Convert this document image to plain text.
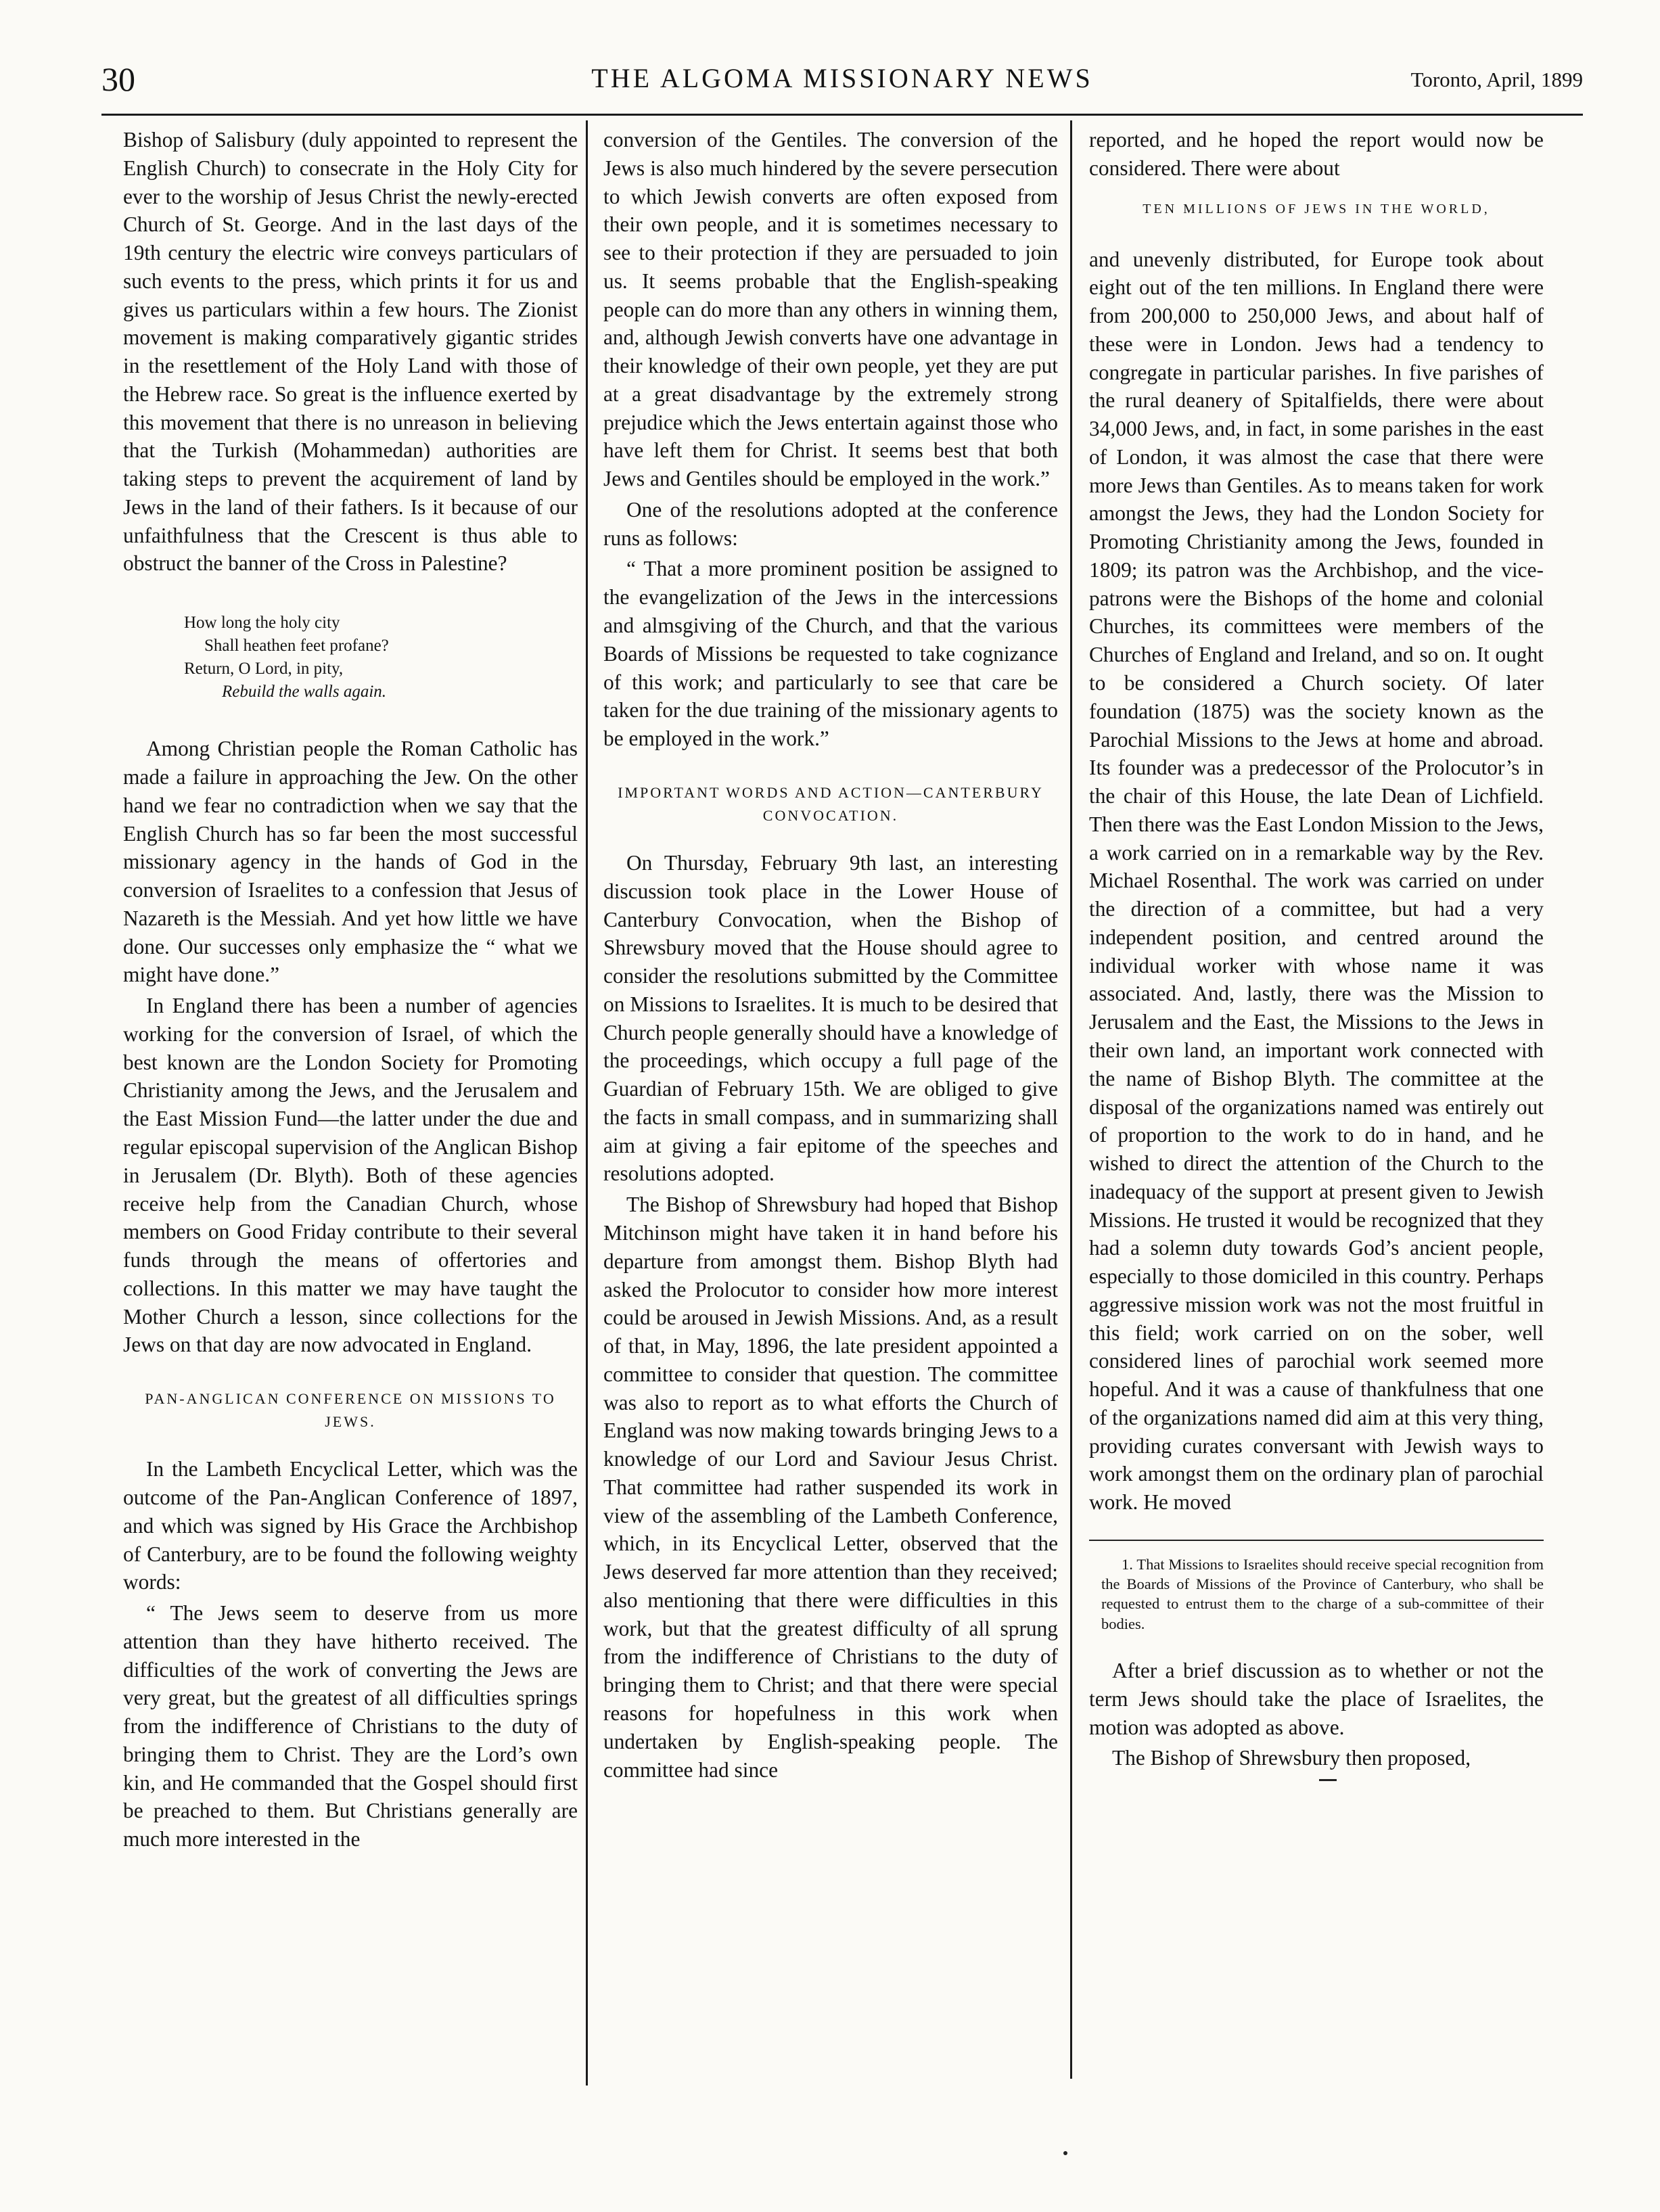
30	THE ALGOMA MISSIONARY NEWS	Toronto, April, 1899

Bishop of Salisbury (duly appointed to represent the English Church) to consecrate in the Holy City for ever to the worship of Jesus Christ the newly-erected Church of St. George. And in the last days of the 19th century the electric wire conveys particulars of such events to the press, which prints it for us and gives us particulars within a few hours. The Zionist movement is making comparatively gigantic strides in the resettlement of the Holy Land with those of the Hebrew race. So great is the influence exerted by this movement that there is no unreason in believing that the Turkish (Mohammedan) authorities are taking steps to prevent the acquirement of land by Jews in the land of their fathers. Is it because of our unfaithfulness that the Crescent is thus able to obstruct the banner of the Cross in Palestine?

How long the holy city
Shall heathen feet profane?
Return, O Lord, in pity,
Rebuild the walls again.

Among Christian people the Roman Catholic has made a failure in approaching the Jew. On the other hand we fear no contradiction when we say that the English Church has so far been the most successful missionary agency in the hands of God in the conversion of Israelites to a confession that Jesus of Nazareth is the Messiah. And yet how little we have done. Our successes only emphasize the “ what we might have done.”

In England there has been a number of agencies working for the conversion of Israel, of which the best known are the London Society for Promoting Christianity among the Jews, and the Jerusalem and the East Mission Fund—the latter under the due and regular episcopal supervision of the Anglican Bishop in Jerusalem (Dr. Blyth). Both of these agencies receive help from the Canadian Church, whose members on Good Friday contribute to their several funds through the means of offertories and collections. In this matter we may have taught the Mother Church a lesson, since collections for the Jews on that day are now advocated in England.

PAN-ANGLICAN CONFERENCE ON MISSIONS TO JEWS.

In the Lambeth Encyclical Letter, which was the outcome of the Pan-Anglican Conference of 1897, and which was signed by His Grace the Archbishop of Canterbury, are to be found the following weighty words:

“ The Jews seem to deserve from us more attention than they have hitherto received. The difficulties of the work of converting the Jews are very great, but the greatest of all difficulties springs from the indifference of Christians to the duty of bringing them to Christ. They are the Lord’s own kin, and He commanded that the Gospel should first be preached to them. But Christians generally are much more interested in the

conversion of the Gentiles. The conversion of the Jews is also much hindered by the severe persecution to which Jewish converts are often exposed from their own people, and it is sometimes necessary to see to their protection if they are persuaded to join us. It seems probable that the English-speaking people can do more than any others in winning them, and, although Jewish converts have one advantage in their knowledge of their own people, yet they are put at a great disadvantage by the extremely strong prejudice which the Jews entertain against those who have left them for Christ. It seems best that both Jews and Gentiles should be employed in the work.”

One of the resolutions adopted at the conference runs as follows:

“ That a more prominent position be assigned to the evangelization of the Jews in the intercessions and almsgiving of the Church, and that the various Boards of Missions be requested to take cognizance of this work; and particularly to see that care be taken for the due training of the missionary agents to be employed in the work.”

IMPORTANT WORDS AND ACTION—CANTERBURY CONVOCATION.

On Thursday, February 9th last, an interesting discussion took place in the Lower House of Canterbury Convocation, when the Bishop of Shrewsbury moved that the House should agree to consider the resolutions submitted by the Committee on Missions to Israelites. It is much to be desired that Church people generally should have a knowledge of the proceedings, which occupy a full page of the Guardian of February 15th. We are obliged to give the facts in small compass, and in summarizing shall aim at giving a fair epitome of the speeches and resolutions adopted.

The Bishop of Shrewsbury had hoped that Bishop Mitchinson might have taken it in hand before his departure from amongst them. Bishop Blyth had asked the Prolocutor to consider how more interest could be aroused in Jewish Missions. And, as a result of that, in May, 1896, the late president appointed a committee to consider that question. The committee was also to report as to what efforts the Church of England was now making towards bringing Jews to a knowledge of our Lord and Saviour Jesus Christ. That committee had rather suspended its work in view of the assembling of the Lambeth Conference, which, in its Encyclical Letter, observed that the Jews deserved far more attention than they received; also mentioning that there were difficulties in this work, but that the greatest difficulty of all sprung from the indifference of Christians to the duty of bringing them to Christ; and that there were special reasons for hopefulness in this work when undertaken by English-speaking people. The committee had since

reported, and he hoped the report would now be considered. There were about

TEN MILLIONS OF JEWS IN THE WORLD,

and unevenly distributed, for Europe took about eight out of the ten millions. In England there were from 200,000 to 250,000 Jews, and about half of these were in London. Jews had a tendency to congregate in particular parishes. In five parishes of the rural deanery of Spitalfields, there were about 34,000 Jews, and, in fact, in some parishes in the east of London, it was almost the case that there were more Jews than Gentiles. As to means taken for work amongst the Jews, they had the London Society for Promoting Christianity among the Jews, founded in 1809; its patron was the Archbishop, and the vice-patrons were the Bishops of the home and colonial Churches, its committees were members of the Churches of England and Ireland, and so on. It ought to be considered a Church society. Of later foundation (1875) was the society known as the Parochial Missions to the Jews at home and abroad. Its founder was a predecessor of the Prolocutor’s in the chair of this House, the late Dean of Lichfield. Then there was the East London Mission to the Jews, a work carried on in a remarkable way by the Rev. Michael Rosenthal. The work was carried on under the direction of a committee, but had a very independent position, and centred around the individual worker with whose name it was associated. And, lastly, there was the Mission to Jerusalem and the East, the Missions to the Jews in their own land, an important work connected with the name of Bishop Blyth. The committee at the disposal of the organizations named was entirely out of proportion to the work to do in hand, and he wished to direct the attention of the Church to the inadequacy of the support at present given to Jewish Missions. He trusted it would be recognized that they had a solemn duty towards God’s ancient people, especially to those domiciled in this country. Perhaps aggressive mission work was not the most fruitful in this field; work carried on on the sober, well considered lines of parochial work seemed more hopeful. And it was a cause of thankfulness that one of the organizations named did aim at this very thing, providing curates conversant with Jewish ways to work amongst them on the ordinary plan of parochial work. He moved

1. That Missions to Israelites should receive special recognition from the Boards of Missions of the Province of Canterbury, who shall be requested to entrust them to the charge of a sub-committee of their bodies.

After a brief discussion as to whether or not the term Jews should take the place of Israelites, the motion was adopted as above.

The Bishop of Shrewsbury then proposed,
